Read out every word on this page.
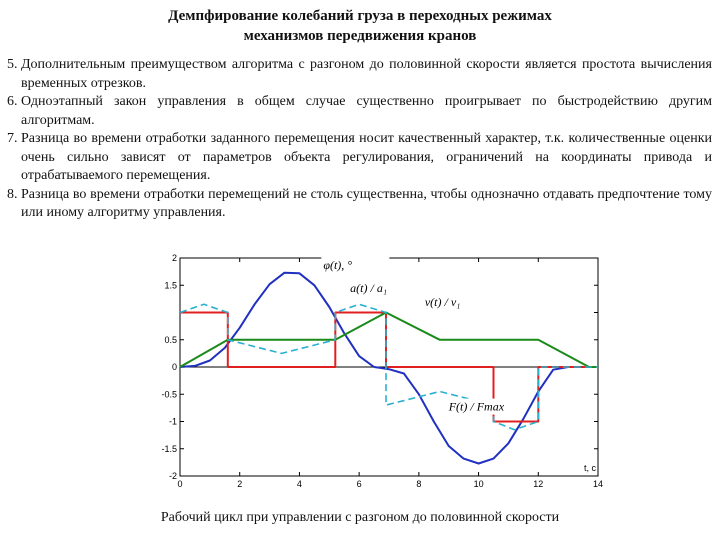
Демпфирование колебаний груза в переходных режимах
механизмов передвижения кранов
5. Дополнительным преимуществом алгоритма с разгоном до половинной скорости является простота вычисления временных отрезков.
6. Одноэтапный закон управления в общем случае существенно проигрывает по быстродействию другим алгоритмам.
7. Разница во времени отработки заданного перемещения носит качественный характер, т.к. количественные оценки очень сильно зависят от параметров объекта регулирования, ограничений на координаты привода и отрабатываемого перемещения.
8. Разница во времени отработки перемещений не столь существенна, чтобы однозначно отдавать предпочтение тому или иному алгоритму управления.
0	2	4	6	8	10	12	14
2
1.5
0.5
0
-0.5
-1
-1.5
-2
t, c
φ(t), °
a(t) / a₁
v(t) / v₁
F(t) / Fmax
Рабочий цикл при управлении с разгоном до половинной скорости
